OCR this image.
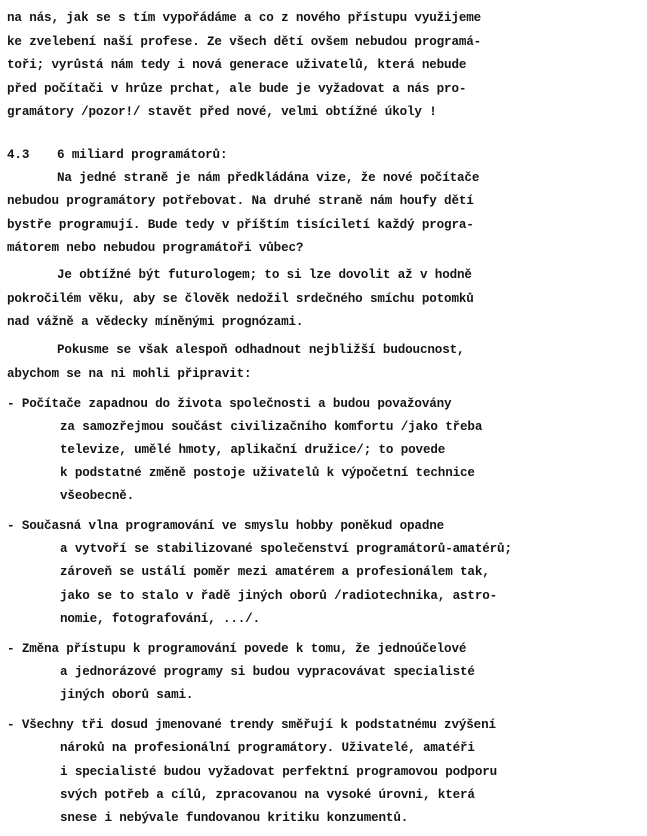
na nás, jak se s tím vypořádáme a co z nového přístupu využijeme
ke zvelebení naší profese. Ze všech dětí ovšem nebudou programá-
toři; vyrůstá nám tedy i nová generace uživatelů, která nebude
před počítači v hrůze prchat, ale bude je vyžadovat a nás pro-
gramátory /pozor!/ stavět před nové, velmi obtížné úkoly !
4.3 6 miliard programátorů:
Na jedné straně je nám předkládána vize, že nové počítače
nebudou programátory potřebovat. Na druhé straně nám houfy dětí
bystře programují. Bude tedy v příštím tisíciletí každý progra-
mátorem nebo nebudou programátoři vůbec?
Je obtížné být futurologem; to si lze dovolit až v hodně
pokročilém věku, aby se člověk nedožil srdečného smíchu potomků
nad vážně a vědecky míněnými prognózami.
Pokusme se však alespoň odhadnout nejbližší budoucnost,
abychom se na ni mohli připravit:
- Počítače zapadnou do života společnosti a budou považovány
za samozřejmou součást civilizačního komfortu /jako třeba
televize, umělé hmoty, aplikační družice/; to povede
k podstatné změně postoje uživatelů k výpočetní technice
všeobecně.
- Současná vlna programování ve smyslu hobby poněkud opadne
a vytvoří se stabilizované společenství programátorů-amatérů;
zároveň se ustálí poměr mezi amatérem a profesionálem tak,
jako se to stalo v řadě jiných oborů /radiotechnika, astro-
nomie, fotografování, .../.
- Změna přístupu k programování povede k tomu, že jednoúčelové
a jednorázové programy si budou vypracovávat specialisté
jiných oborů sami.
- Všechny tři dosud jmenované trendy směřují k podstatnému zvýšení
nároků na profesionální programátory. Uživatelé, amatéři
i specialisté budou vyžadovat perfektní programovou podporu
svých potřeb a cílů, zpracovanou na vysoké úrovni, která
snese i nebývale fundovanou kritiku konzumentů.
